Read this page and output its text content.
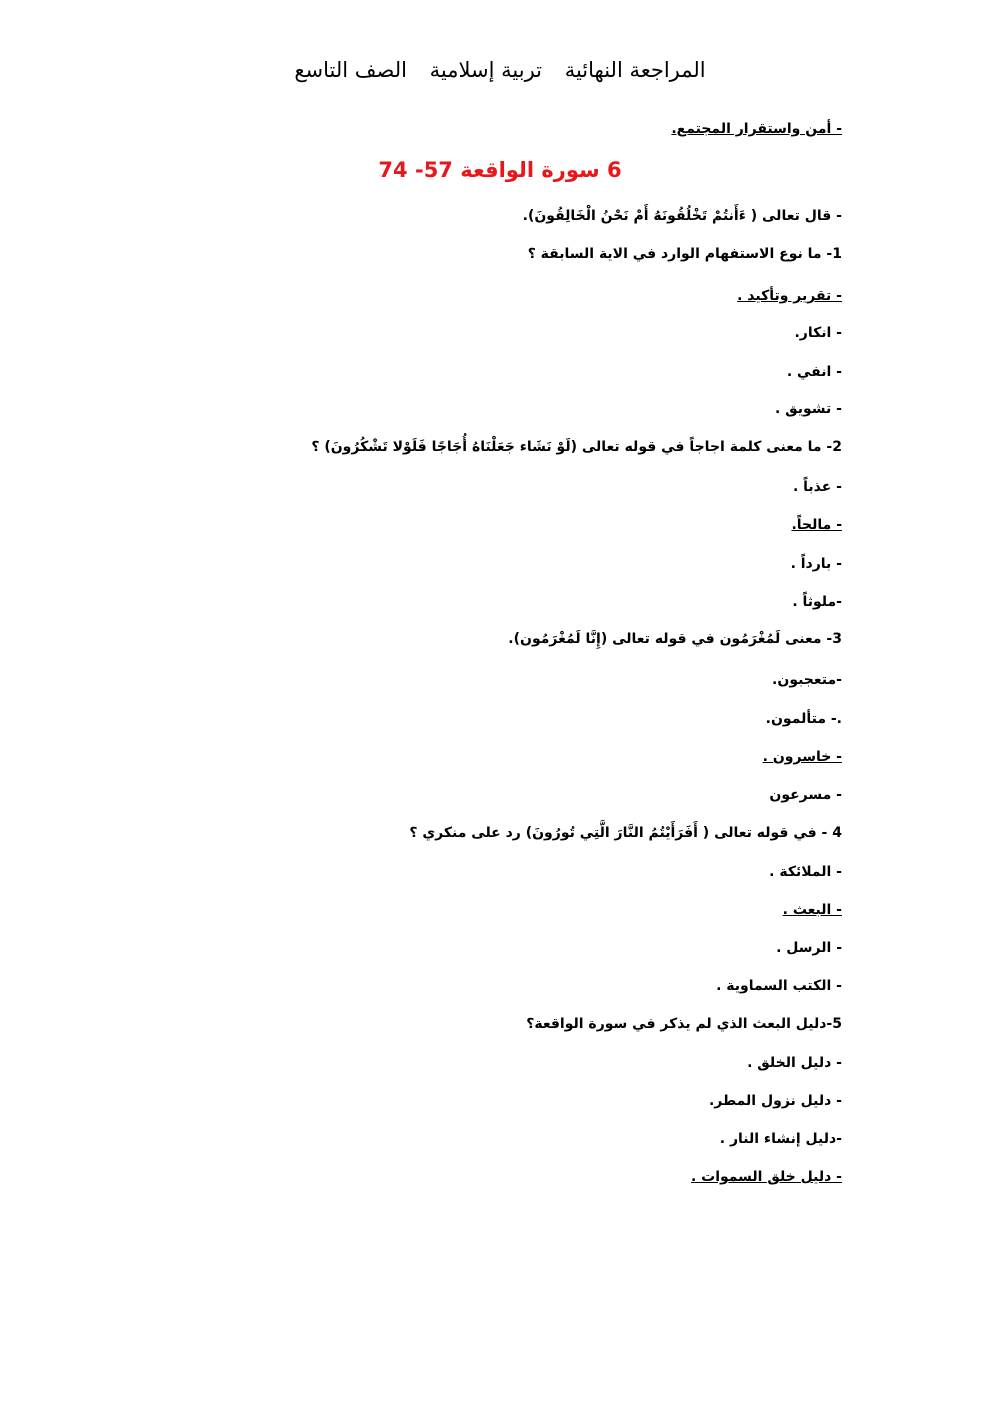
المراجعة النهائية تربية إسلامية الصف التاسع
- أمن واستقرار المجتمع.
6 سورة الواقعة 57- 74
- قال تعالى ( ءَأَنتُمْ تَخْلُقُونَهُ أَمْ نَحْنُ الْخَالِقُونَ).
1- ما نوع الاستفهام الوارد في الاية السابقة ؟
- تقرير وتأكيد .
- انكار.
- انفي .
- تشويق .
2- ما معنى كلمة اجاجاً في قوله تعالى (لَوْ نَشَاء جَعَلْنَاهُ أُجَاجًا فَلَوْلا تَشْكُرُونَ) ؟
- عذباً .
- مالحاً.
- بارداً .
-ملوثاً .
3- معنى لَمُغْرَمُون في قوله تعالى (إِنَّا لَمُغْرَمُون).
-متعجبون.
.- متألمون.
- خاسرون .
- مسرعون
4 - في قوله تعالى ( أَفَرَأَيْتُمُ النَّارَ الَّتِي تُورُونَ) رد على منكري ؟
- الملائكة .
- البعث .
- الرسل .
- الكتب السماوية .
5-دليل البعث الذي لم يذكر في سورة الواقعة؟
- دليل الخلق .
- دليل نزول المطر.
-دليل إنشاء النار .
- دليل خلق السموات .
